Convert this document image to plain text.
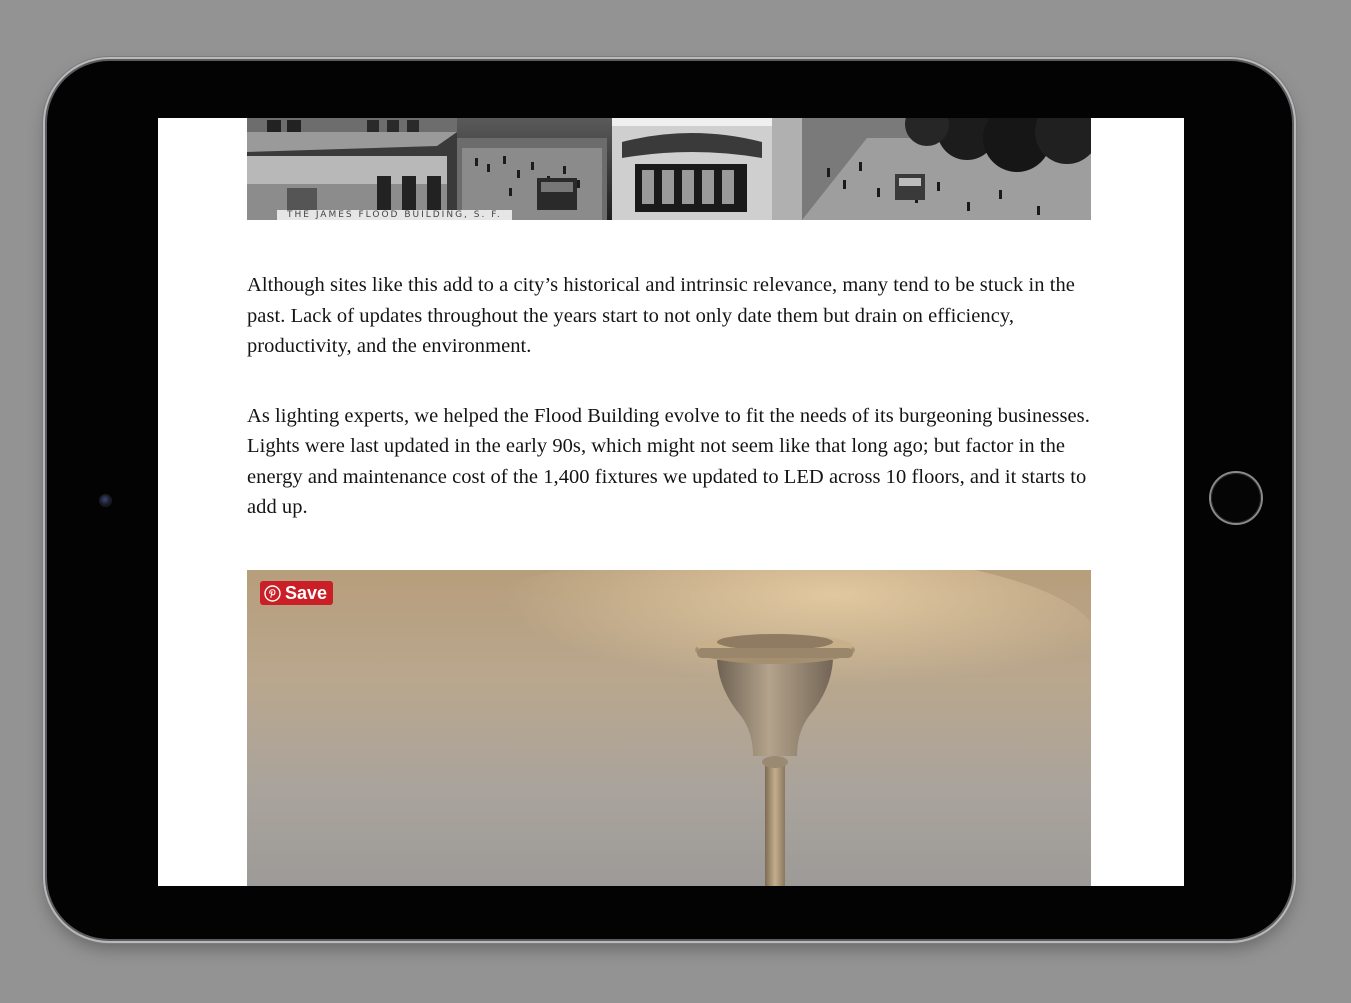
THE JAMES FLOOD BUILDING, S. F.

Although sites like this add to a city’s historical and intrinsic relevance, many tend to be stuck in the past. Lack of updates throughout the years start to not only date them but drain on efficiency, productivity, and the environment.

As lighting experts, we helped the Flood Building evolve to fit the needs of its burgeoning businesses. Lights were last updated in the early 90s, which might not seem like that long ago; but factor in the energy and maintenance cost of the 1,400 fixtures we updated to LED across 10 floors, and it starts to add up.

Save
